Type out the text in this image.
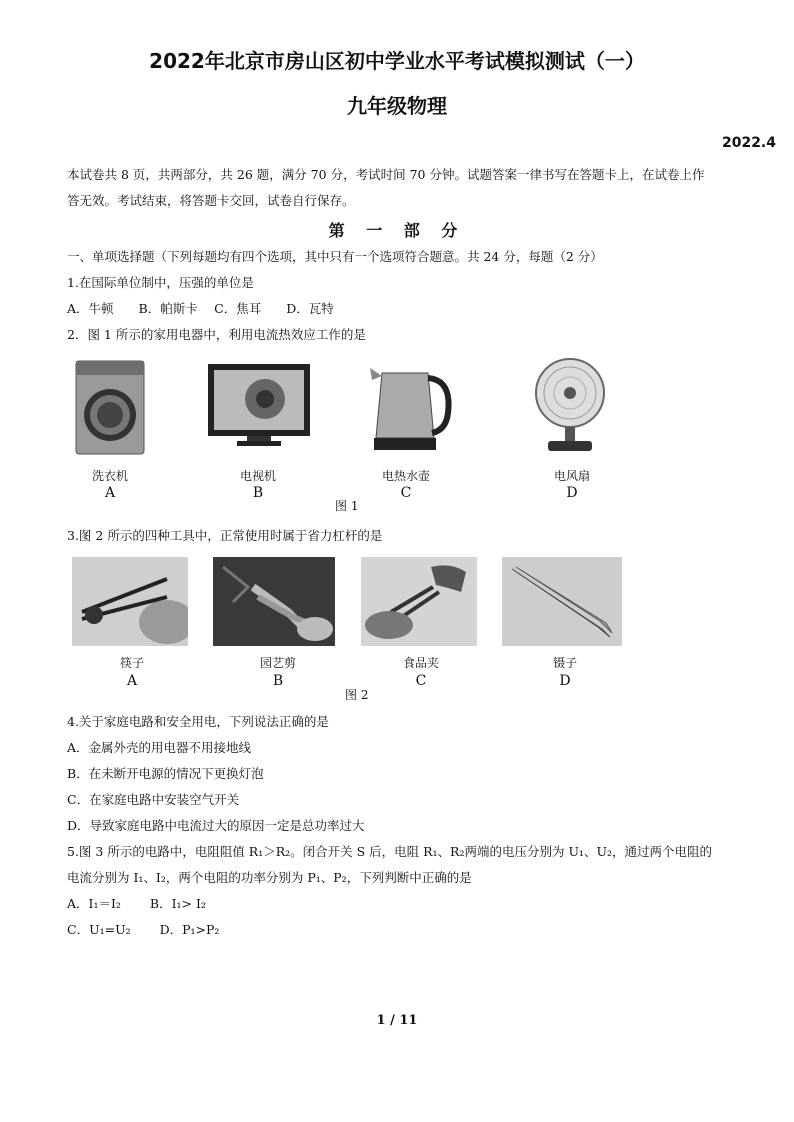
2022年北京市房山区初中学业水平考试模拟测试（一）
九年级物理
2022.4
本试卷共 8 页，共两部分，共 26 题，满分 70 分，考试时间 70 分钟。试题答案一律书写在答题卡上，在试卷上作
答无效。考试结束，将答题卡交回，试卷自行保存。
第 一 部 分
一、单项选择题（下列每题均有四个选项，其中只有一个选项符合题意。共 24 分，每题（2 分）
1.在国际单位制中，压强的单位是
A．牛顿　　B．帕斯卡　 C．焦耳　　D．瓦特
2．图 1 所示的家用电器中，利用电流热效应工作的是
洗衣机	电视机	电热水壶	电风扇
A	B	C	D
图 1
3.图 2 所示的四种工具中，正常使用时属于省力杠杆的是
筷子	园艺剪	食品夹	镊子
A	B	C	D
图 2
4.关于家庭电路和安全用电，下列说法正确的是
A．金属外壳的用电器不用接地线
B．在未断开电源的情况下更换灯泡
C．在家庭电路中安装空气开关
D．导致家庭电路中电流过大的原因一定是总功率过大
5.图 3 所示的电路中，电阻阻值 R₁＞R₂。闭合开关 S 后，电阻 R₁、R₂两端的电压分别为 U₁、U₂，通过两个电阻的
电流分别为 I₁、I₂，两个电阻的功率分别为 P₁、P₂，下列判断中正确的是
A．I₁＝I₂　　 B．I₁> I₂
C．U₁=U₂　　 D．P₁>P₂
1 / 11
